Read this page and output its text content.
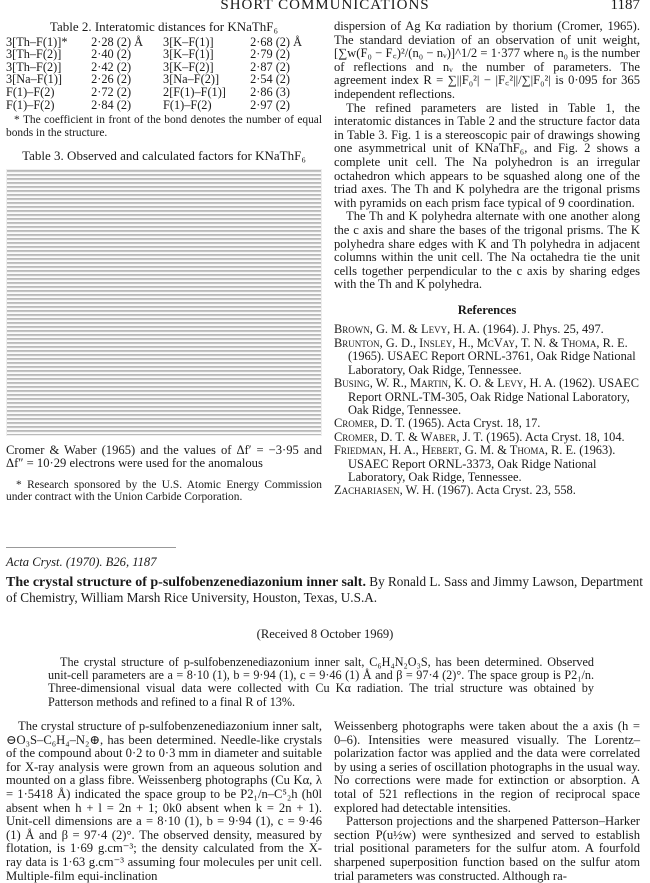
SHORT COMMUNICATIONS	1187
Table 2. Interatomic distances for KNaThF₆
3[Th–F(1)]*	2·28 (2) Å	3[K–F(1)]	2·68 (2) Å
3[Th–F(2)]	2·40 (2)	3[K–F(1)]	2·79 (2)
3[Th–F(2)]	2·42 (2)	3[K–F(2)]	2·87 (2)
3[Na–F(1)]	2·26 (2)	3[Na–F(2)]	2·54 (2)
F(1)–F(2)	2·72 (2)	2[F(1)–F(1)]	2·86 (3)
F(1)–F(2)	2·84 (2)	F(1)–F(2)	2·97 (2)
* The coefficient in front of the bond denotes the number of equal bonds in the structure.
Table 3. Observed and calculated factors for KNaThF₆

Cromer & Waber (1965) and the values of Δf′ = −3·95 and Δf″ = 10·29 electrons were used for the anomalous

* Research sponsored by the U.S. Atomic Energy Commission under contract with the Union Carbide Corporation.

dispersion of Ag Kα radiation by thorium (Cromer, 1965). The standard deviation of an observation of unit weight, [∑w(F₀ − F꜀)²/(n₀ − nᵥ)]^1/2 = 1·377 where n₀ is the number of reflections and nᵥ the number of parameters. The agreement index R = ∑||F₀²| − |F꜀²||/∑|F₀²| is 0·095 for 365 independent reflections.

The refined parameters are listed in Table 1, the interatomic distances in Table 2 and the structure factor data in Table 3. Fig. 1 is a stereoscopic pair of drawings showing one asymmetrical unit of KNaThF₆, and Fig. 2 shows a complete unit cell. The Na polyhedron is an irregular octahedron which appears to be squashed along one of the triad axes. The Th and K polyhedra are the trigonal prisms with pyramids on each prism face typical of 9 coordination.

The Th and K polyhedra alternate with one another along the c axis and share the bases of the trigonal prisms. The K polyhedra share edges with K and Th polyhedra in adjacent columns within the unit cell. The Na octahedra tie the unit cells together perpendicular to the c axis by sharing edges with the Th and K polyhedra.

References
Brown, G. M. & Levy, H. A. (1964). J. Phys. 25, 497.
Brunton, G. D., Insley, H., McVay, T. N. & Thoma, R. E. (1965). USAEC Report ORNL-3761, Oak Ridge National Laboratory, Oak Ridge, Tennessee.
Busing, W. R., Martin, K. O. & Levy, H. A. (1962). USAEC Report ORNL-TM-305, Oak Ridge National Laboratory, Oak Ridge, Tennessee.
Cromer, D. T. (1965). Acta Cryst. 18, 17.
Cromer, D. T. & Waber, J. T. (1965). Acta Cryst. 18, 104.
Friedman, H. A., Hebert, G. M. & Thoma, R. E. (1963). USAEC Report ORNL-3373, Oak Ridge National Laboratory, Oak Ridge, Tennessee.
Zachariasen, W. H. (1967). Acta Cryst. 23, 558.
Acta Cryst. (1970). B26, 1187
The crystal structure of p-sulfobenzenediazonium inner salt. By Ronald L. Sass and Jimmy Lawson, Department of Chemistry, William Marsh Rice University, Houston, Texas, U.S.A.
(Received 8 October 1969)
The crystal structure of p-sulfobenzenediazonium inner salt, C₆H₄N₂O₃S, has been determined. Observed unit-cell parameters are a = 8·10 (1), b = 9·94 (1), c = 9·46 (1) Å and β = 97·4 (2)°. The space group is P2₁/n. Three-dimensional visual data were collected with Cu Kα radiation. The trial structure was obtained by Patterson methods and refined to a final R of 13%.

The crystal structure of p-sulfobenzenediazonium inner salt, ⊖O₃S–C₆H₄–N₂⊕, has been determined. Needle-like crystals of the compound about 0·2 to 0·3 mm in diameter and suitable for X-ray analysis were grown from an aqueous solution and mounted on a glass fibre. Weissenberg photographs (Cu Kα, λ = 1·5418 Å) indicated the space group to be P2₁/n–C⁵₂h (h0l absent when h + l = 2n + 1; 0k0 absent when k = 2n + 1). Unit-cell dimensions are a = 8·10 (1), b = 9·94 (1), c = 9·46 (1) Å and β = 97·4 (2)°. The observed density, measured by flotation, is 1·69 g.cm⁻³; the density calculated from the X-ray data is 1·63 g.cm⁻³ assuming four molecules per unit cell. Multiple-film equi-inclination

Weissenberg photographs were taken about the a axis (h = 0–6). Intensities were measured visually. The Lorentz–polarization factor was applied and the data were correlated by using a series of oscillation photographs in the usual way. No corrections were made for extinction or absorption. A total of 521 reflections in the region of reciprocal space explored had detectable intensities.

Patterson projections and the sharpened Patterson–Harker section P(u½w) were synthesized and served to establish trial positional parameters for the sulfur atom. A fourfold sharpened superposition function based on the sulfur atom trial parameters was constructed. Although ra-
